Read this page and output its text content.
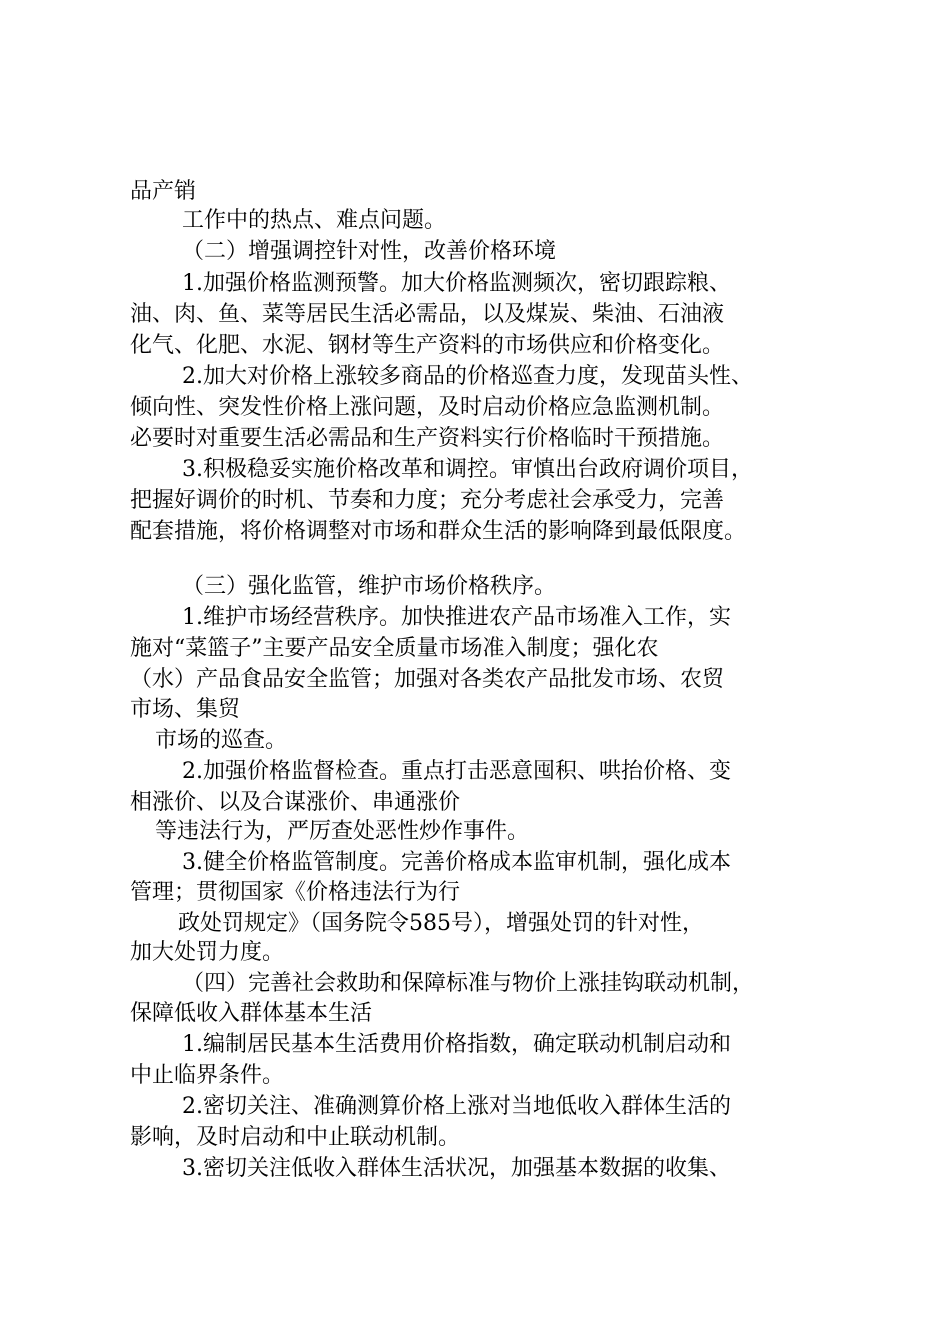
品产销
工作中的热点、难点问题。
（二）增强调控针对性，改善价格环境
1.加强价格监测预警。加大价格监测频次，密切跟踪粮、
油、肉、鱼、菜等居民生活必需品，以及煤炭、柴油、石油液
化气、化肥、水泥、钢材等生产资料的市场供应和价格变化。
2.加大对价格上涨较多商品的价格巡查力度，发现苗头性、
倾向性、突发性价格上涨问题，及时启动价格应急监测机制。
必要时对重要生活必需品和生产资料实行价格临时干预措施。
3.积极稳妥实施价格改革和调控。审慎出台政府调价项目，
把握好调价的时机、节奏和力度；充分考虑社会承受力，完善
配套措施，将价格调整对市场和群众生活的影响降到最低限度。
（三）强化监管，维护市场价格秩序。
1.维护市场经营秩序。加快推进农产品市场准入工作，实
施对“菜篮子”主要产品安全质量市场准入制度；强化农
（水）产品食品安全监管；加强对各类农产品批发市场、农贸
市场、集贸
市场的巡查。
2.加强价格监督检查。重点打击恶意囤积、哄抬价格、变
相涨价、以及合谋涨价、串通涨价
等违法行为，严厉查处恶性炒作事件。
3.健全价格监管制度。完善价格成本监审机制，强化成本
管理；贯彻国家《价格违法行为行
政处罚规定》（国务院令585号），增强处罚的针对性，
加大处罚力度。
（四）完善社会救助和保障标准与物价上涨挂钩联动机制，
保障低收入群体基本生活
1.编制居民基本生活费用价格指数，确定联动机制启动和
中止临界条件。
2.密切关注、准确测算价格上涨对当地低收入群体生活的
影响，及时启动和中止联动机制。
3.密切关注低收入群体生活状况，加强基本数据的收集、
